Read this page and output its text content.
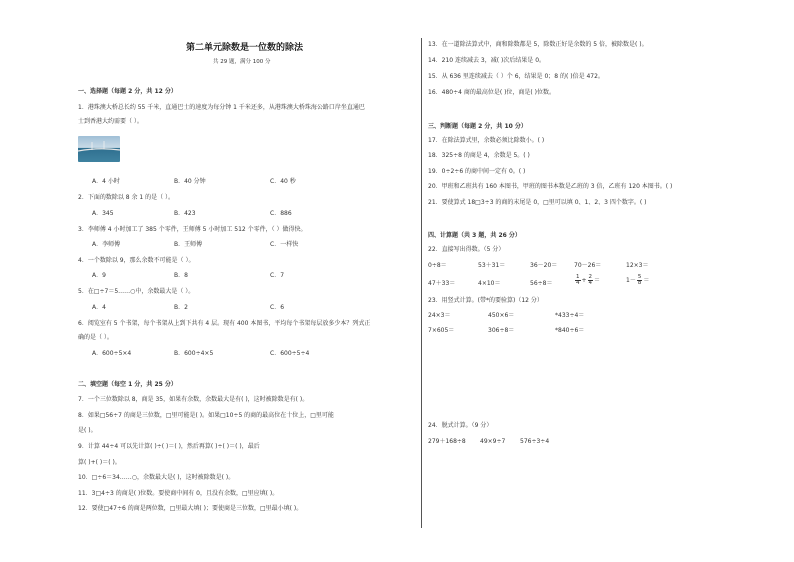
第二单元除数是一位数的除法
共 29 题，满分 100 分
一、选择题（每题 2 分，共 12 分）
1．港珠澳大桥总长约 55 千米，直通巴士的速度为每分钟 1 千米还多，从港珠澳大桥珠海公路口岸坐直通巴
士到香港大约需要（ ）。
A．4 小时	B．40 分钟	C．40 秒
2．下面的数除以 8 余 1 的是（ ）。
A．345	B．423	C．886
3．李师傅 4 小时加工了 385 个零件，王师傅 5 小时加工 512 个零件，（ ）做得快。
A．李师傅	B．王师傅	C．一样快
4．一个数除以 9，那么余数不可能是（ ）。
A．9	B．8	C．7
5．在□÷7＝5……○中，余数最大是（ ）。
A．4	B．2	C．6
6．阅览室有 5 个书架，每个书架从上到下共有 4 层。现有 400 本图书，平均每个书架每层放多少本？列式正
确的是（ ）。
A．600÷5×4	B．600÷4×5	C．600÷5÷4
二、填空题（每空 1 分，共 25 分）
7．一个三位数除以 8，商是 35，如果有余数，余数最大是有( )，这时被除数是有( )。
8．如果□56÷7 的商是三位数，□里可能是( )。如果□10÷5 的商的最高位在十位上，□里可能
是( )。
9．计算 44÷4 可以先计算( )÷( )＝( )，然后再算( )÷( )＝( )，最后
算( )+( )＝( )。
10．□÷6＝34……○，余数最大是( )，这时被除数是( )。
11．3□4÷3 的商是( )位数。要使商中间有 0，且没有余数，□里应填( )。
12．要使□47÷6 的商是两位数，□里最大填( )；要使商是三位数，□里最小填( )。
13．在一道除法算式中，商和除数都是 5，除数正好是余数的 5 倍，被除数是( )。
14．210 连续减去 3，减( )次后结果是 0。
15．从 636 里连续减去（ ）个 6，结果是 0；8 的( )倍是 472。
16．480÷4 商的最高位是( )位，商是( )位数。
三、判断题（每题 2 分，共 10 分）
17．在除法算式里，余数必须比除数小。( )
18．325÷8 的商是 4，余数是 5。( )
19．0÷2÷6 的商中间一定有 0。( )
20．甲班和乙班共有 160 本图书，甲班的图书本数是乙班的 3 倍，乙班有 120 本图书。( )
21．要使算式 18□3÷3 的商的末尾是 0，□里可以填 0、1、2、3 四个数字。( )
四、计算题（共 3 题，共 26 分）
22．直接写出得数。（5 分）
0÷8＝	53＋31＝	36－20＝	70－26＝	12×3＝
47＋33＝	4×10＝	56÷8＝	$\frac{1}{4} + \frac{2}{4}$ ＝	$1- \frac{5}{8}$ ＝
23．用竖式计算。(带*的要验算)（12 分）
24×3＝	450×6＝	*433÷4＝
7×605＝	306÷8＝	*840÷6＝
24．脱式计算。（9 分）
279＋168÷8 49×9÷7 576÷3÷4
